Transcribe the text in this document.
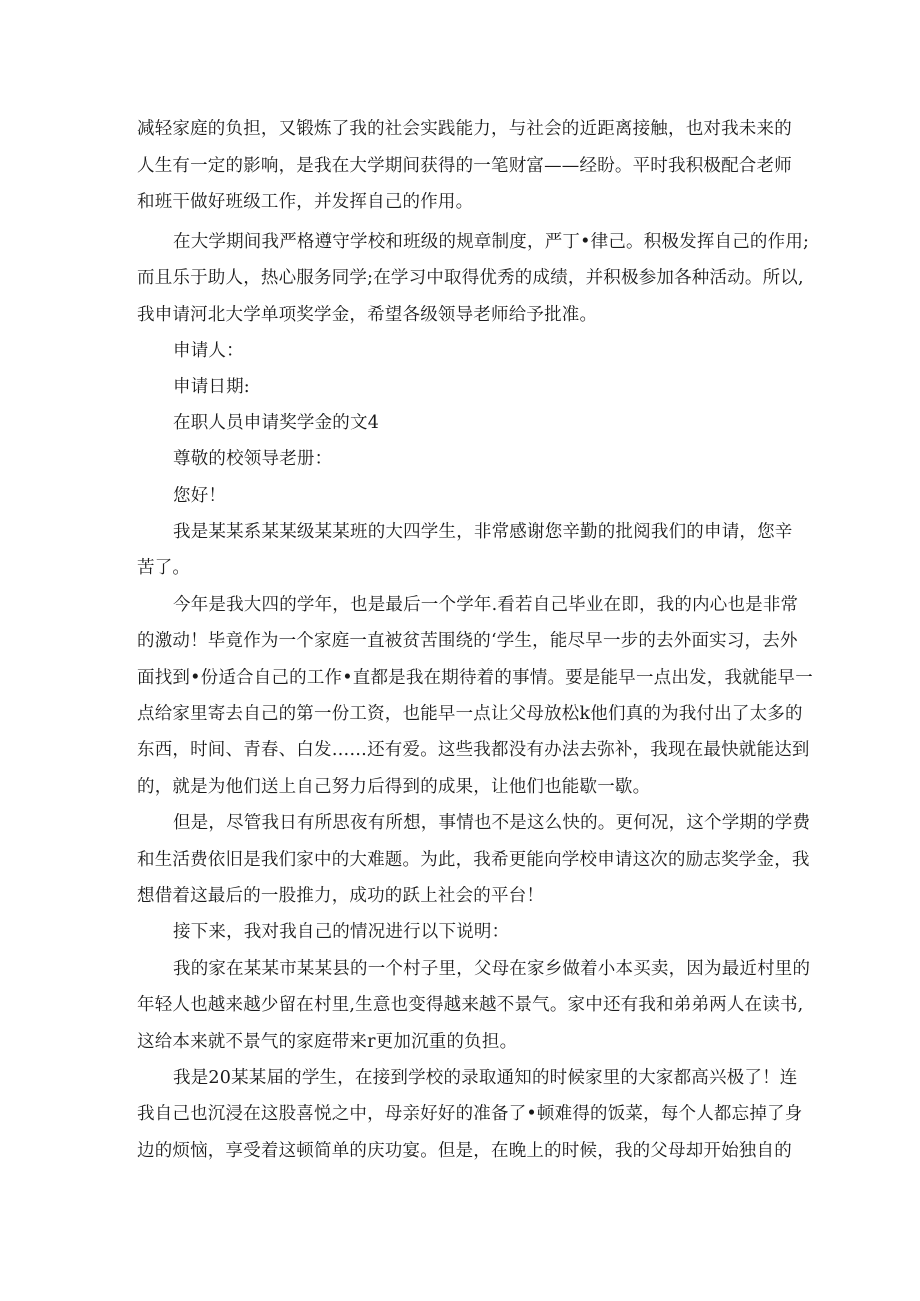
减轻家庭的负担，又锻炼了我的社会实践能力，与社会的近距离接触，也对我未来的
人生有一定的影响，是我在大学期间获得的一笔财富——经盼。平时我积极配合老师
和班干做好班级工作，并发挥自己的作用。
在大学期间我严格遵守学校和班级的规章制度，严丁•律己。积极发挥自己的作用;
而且乐于助人，热心服务同学;在学习中取得优秀的成绩，并积极参加各种活动。所以,
我申请河北大学单项奖学金，希望各级领导老师给予批准。
申请人：
申请日期:
在职人员申请奖学金的文4
尊敬的校领导老册：
您好！
我是某某系某某级某某班的大四学生，非常感谢您辛勤的批阅我们的申请，您辛
苦了。
今年是我大四的学年，也是最后一个学年.看若自己毕业在即，我的内心也是非常
的激动！毕竟作为一个家庭一直被贫苦围绕的‘学生，能尽早一步的去外面实习，去外
面找到•份适合自己的工作•直都是我在期待着的事情。要是能早一点出发，我就能早一
点给家里寄去自己的第一份工资，也能早一点让父母放松k他们真的为我付出了太多的
东西，时间、青春、白发……还有爱。这些我都没有办法去弥补，我现在最快就能达到
的，就是为他们送上自己努力后得到的成果，让他们也能歇一歇。
但是，尽管我日有所思夜有所想，事情也不是这么快的。更何况，这个学期的学费
和生活费依旧是我们家中的大难题。为此，我希更能向学校申请这次的励志奖学金，我
想借着这最后的一股推力，成功的跃上社会的平台！
接下来，我对我自己的情况进行以下说明：
我的家在某某市某某县的一个村子里，父母在家乡做着小本买卖，因为最近村里的
年轻人也越来越少留在村里,生意也变得越来越不景气。家中还有我和弟弟两人在读书,
这给本来就不景气的家庭带来r更加沉重的负担。
我是20某某届的学生，在接到学校的录取通知的时候家里的大家都高兴极了！连
我自己也沉浸在这股喜悦之中，母亲好好的准备了•顿难得的饭菜，每个人都忘掉了身
边的烦恼，享受着这顿简单的庆功宴。但是，在晚上的时候，我的父母却开始独自的
